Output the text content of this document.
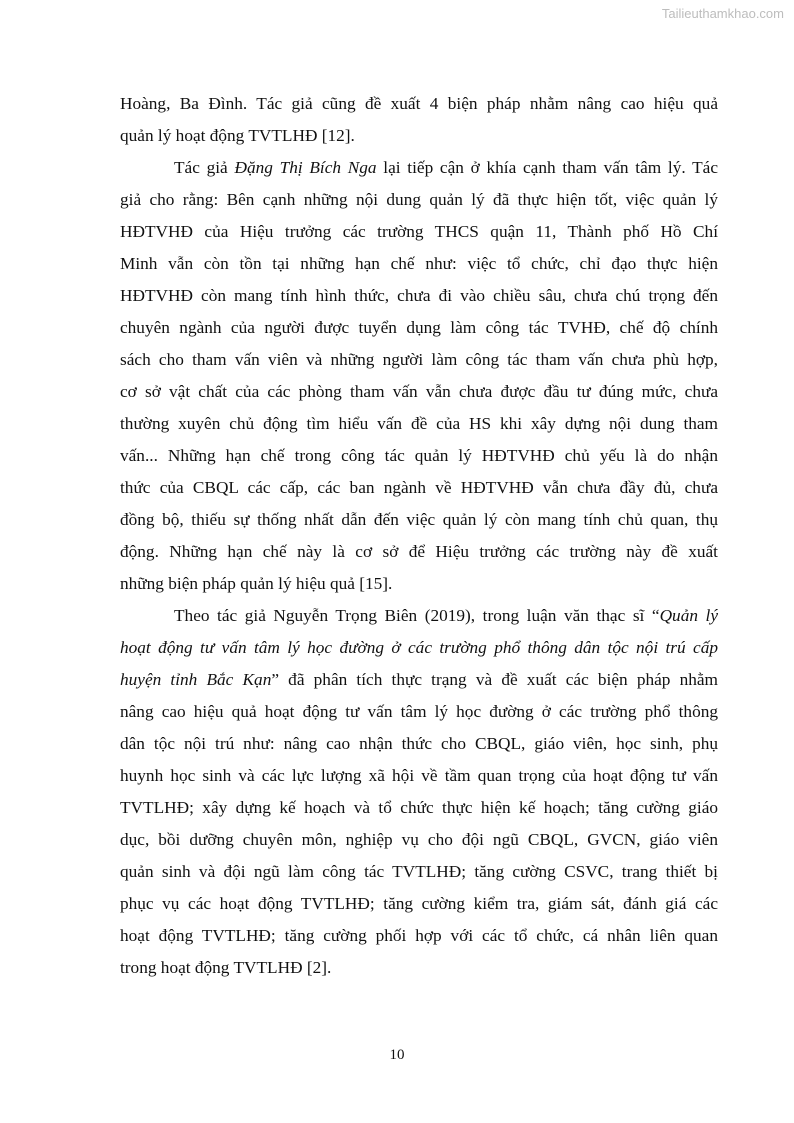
Tailieuthamkhao.com
Hoàng, Ba Đình. Tác giả cũng đề xuất 4 biện pháp nhằm nâng cao hiệu quả
quản lý hoạt động TVTLHĐ [12].
Tác giả Đặng Thị Bích Nga lại tiếp cận ở khía cạnh tham vấn tâm lý. Tác
giả cho rằng: Bên cạnh những nội dung quản lý đã thực hiện tốt, việc quản lý
HĐTVHĐ của Hiệu trưởng các trường THCS quận 11, Thành phố Hồ Chí
Minh vẫn còn tồn tại những hạn chế như: việc tổ chức, chỉ đạo thực hiện
HĐTVHĐ còn mang tính hình thức, chưa đi vào chiều sâu, chưa chú trọng đến
chuyên ngành của người được tuyển dụng làm công tác TVHĐ, chế độ chính
sách cho tham vấn viên và những người làm công tác tham vấn chưa phù hợp,
cơ sở vật chất của các phòng tham vấn vẫn chưa được đầu tư đúng mức, chưa
thường xuyên chủ động tìm hiểu vấn đề của HS khi xây dựng nội dung tham
vấn... Những hạn chế trong công tác quản lý HĐTVHĐ chủ yếu là do nhận
thức của CBQL các cấp, các ban ngành về HĐTVHĐ vẫn chưa đầy đủ, chưa
đồng bộ, thiếu sự thống nhất dẫn đến việc quản lý còn mang tính chủ quan, thụ
động. Những hạn chế này là cơ sở để Hiệu trưởng các trường này đề xuất
những biện pháp quản lý hiệu quả [15].
Theo tác giả Nguyễn Trọng Biên (2019), trong luận văn thạc sĩ “Quản lý
hoạt động tư vấn tâm lý học đường ở các trường phổ thông dân tộc nội trú cấp
huyện tỉnh Bắc Kạn” đã phân tích thực trạng và đề xuất các biện pháp nhằm
nâng cao hiệu quả hoạt động tư vấn tâm lý học đường ở các trường phổ thông
dân tộc nội trú như: nâng cao nhận thức cho CBQL, giáo viên, học sinh, phụ
huynh học sinh và các lực lượng xã hội về tầm quan trọng của hoạt động tư vấn
TVTLHĐ; xây dựng kế hoạch và tổ chức thực hiện kế hoạch; tăng cường giáo
dục, bồi dưỡng chuyên môn, nghiệp vụ cho đội ngũ CBQL, GVCN, giáo viên
quản sinh và đội ngũ làm công tác TVTLHĐ; tăng cường CSVC, trang thiết bị
phục vụ các hoạt động TVTLHĐ; tăng cường kiểm tra, giám sát, đánh giá các
hoạt động TVTLHĐ; tăng cường phối hợp với các tổ chức, cá nhân liên quan
trong hoạt động TVTLHĐ [2].
10
